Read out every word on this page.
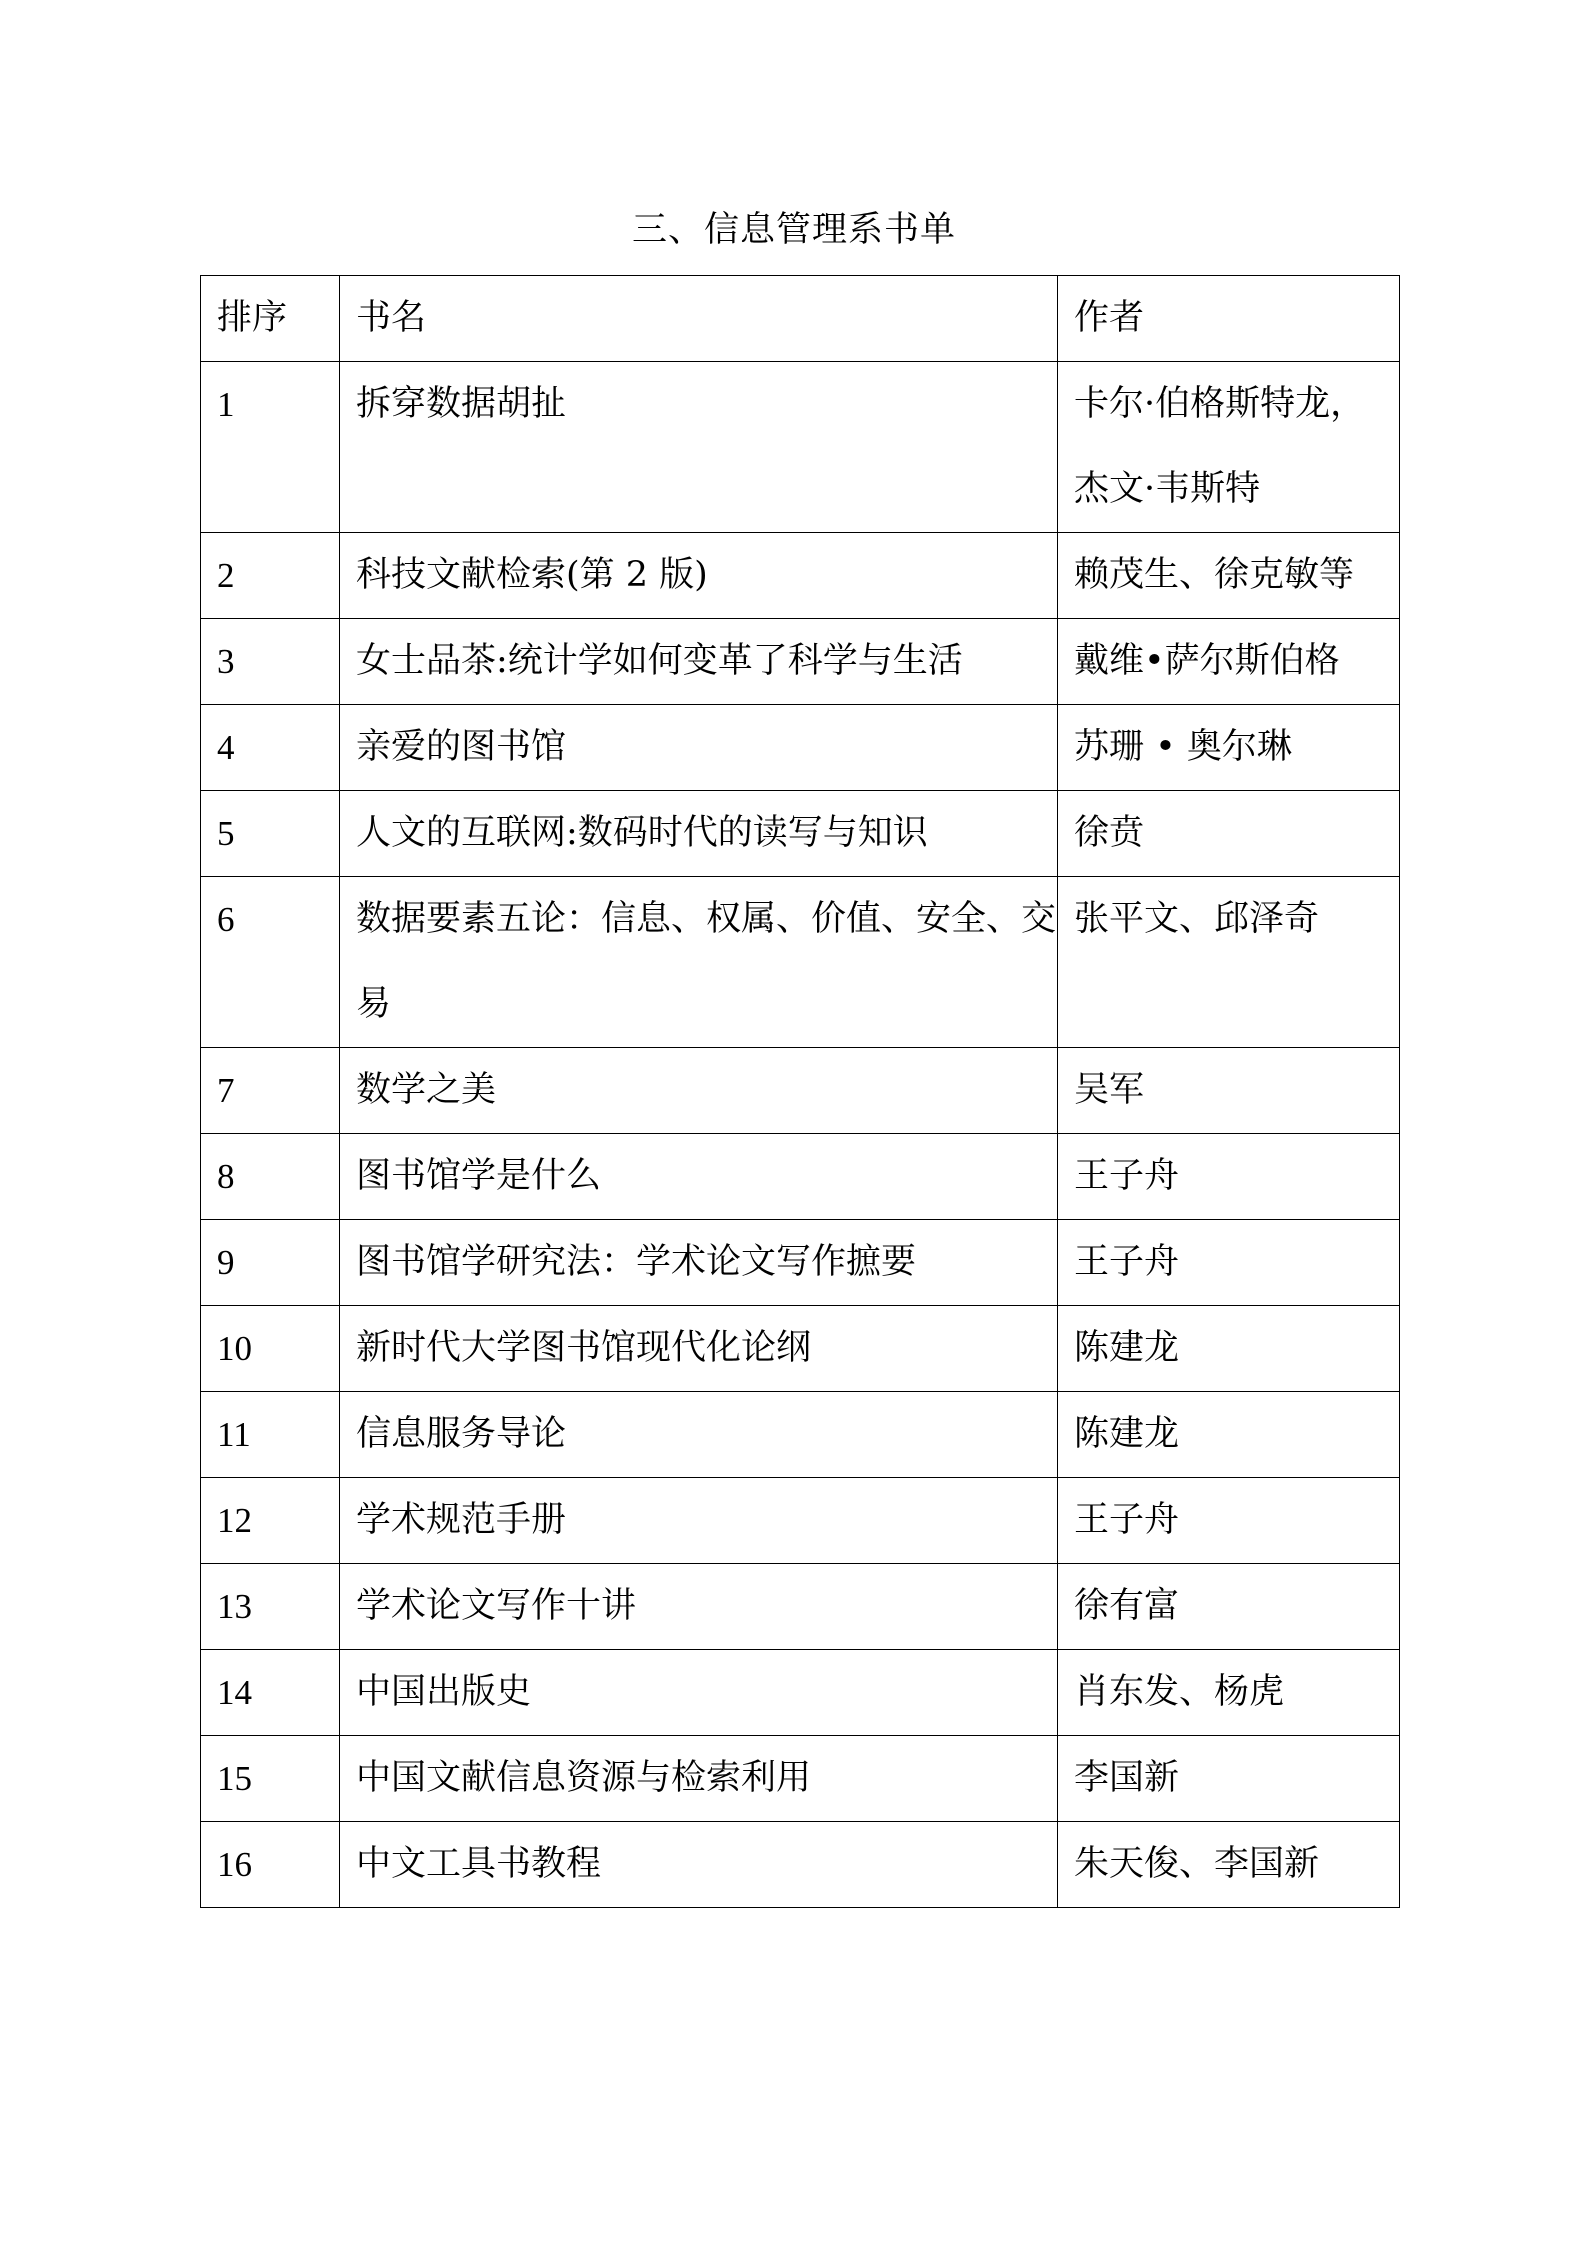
三、信息管理系书单
排序	书名	作者
1	拆穿数据胡扯	卡尔·伯格斯特龙，杰文·韦斯特
2	科技文献检索(第 2 版)	赖茂生、徐克敏等
3	女士品茶:统计学如何变革了科学与生活	戴维•萨尔斯伯格
4	亲爱的图书馆	苏珊 • 奥尔琳
5	人文的互联网:数码时代的读写与知识	徐贲
6	数据要素五论：信息、权属、价值、安全、交易	张平文、邱泽奇
7	数学之美	吴军
8	图书馆学是什么	王子舟
9	图书馆学研究法：学术论文写作摭要	王子舟
10	新时代大学图书馆现代化论纲	陈建龙
11	信息服务导论	陈建龙
12	学术规范手册	王子舟
13	学术论文写作十讲	徐有富
14	中国出版史	肖东发、杨虎
15	中国文献信息资源与检索利用	李国新
16	中文工具书教程	朱天俊、李国新
